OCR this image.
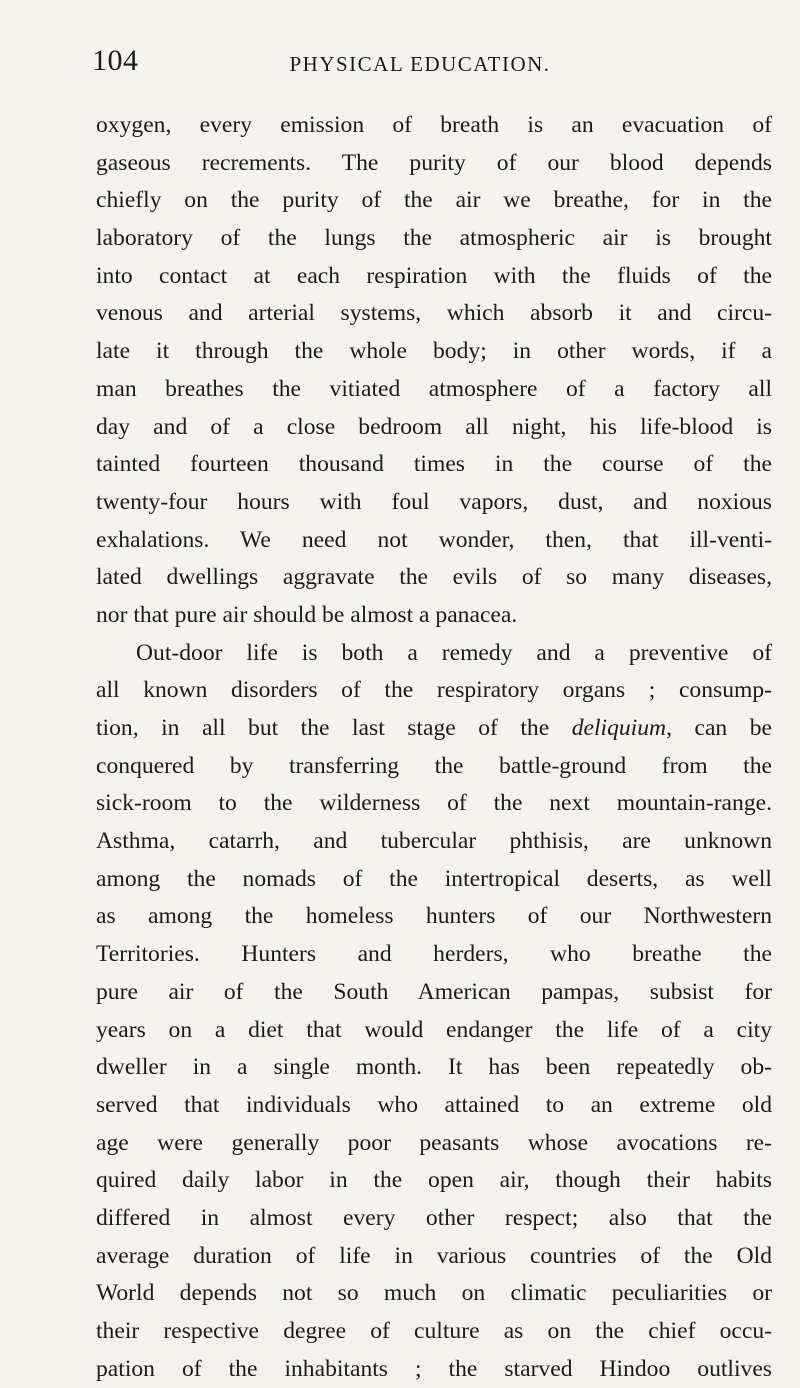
104	PHYSICAL EDUCATION.
oxygen, every emission of breath is an evacuation of
gaseous recrements. The purity of our blood depends
chiefly on the purity of the air we breathe, for in the
laboratory of the lungs the atmospheric air is brought
into contact at each respiration with the fluids of the
venous and arterial systems, which absorb it and circu-
late it through the whole body; in other words, if a
man breathes the vitiated atmosphere of a factory all
day and of a close bedroom all night, his life-blood is
tainted fourteen thousand times in the course of the
twenty-four hours with foul vapors, dust, and noxious
exhalations. We need not wonder, then, that ill-venti-
lated dwellings aggravate the evils of so many diseases,
nor that pure air should be almost a panacea.
Out-door life is both a remedy and a preventive of
all known disorders of the respiratory organs ; consump-
tion, in all but the last stage of the deliquium, can be
conquered by transferring the battle-ground from the
sick-room to the wilderness of the next mountain-range.
Asthma, catarrh, and tubercular phthisis, are unknown
among the nomads of the intertropical deserts, as well
as among the homeless hunters of our Northwestern
Territories. Hunters and herders, who breathe the
pure air of the South American pampas, subsist for
years on a diet that would endanger the life of a city
dweller in a single month. It has been repeatedly ob-
served that individuals who attained to an extreme old
age were generally poor peasants whose avocations re-
quired daily labor in the open air, though their habits
differed in almost every other respect; also that the
average duration of life in various countries of the Old
World depends not so much on climatic peculiarities or
their respective degree of culture as on the chief occu-
pation of the inhabitants ; the starved Hindoo outlives
